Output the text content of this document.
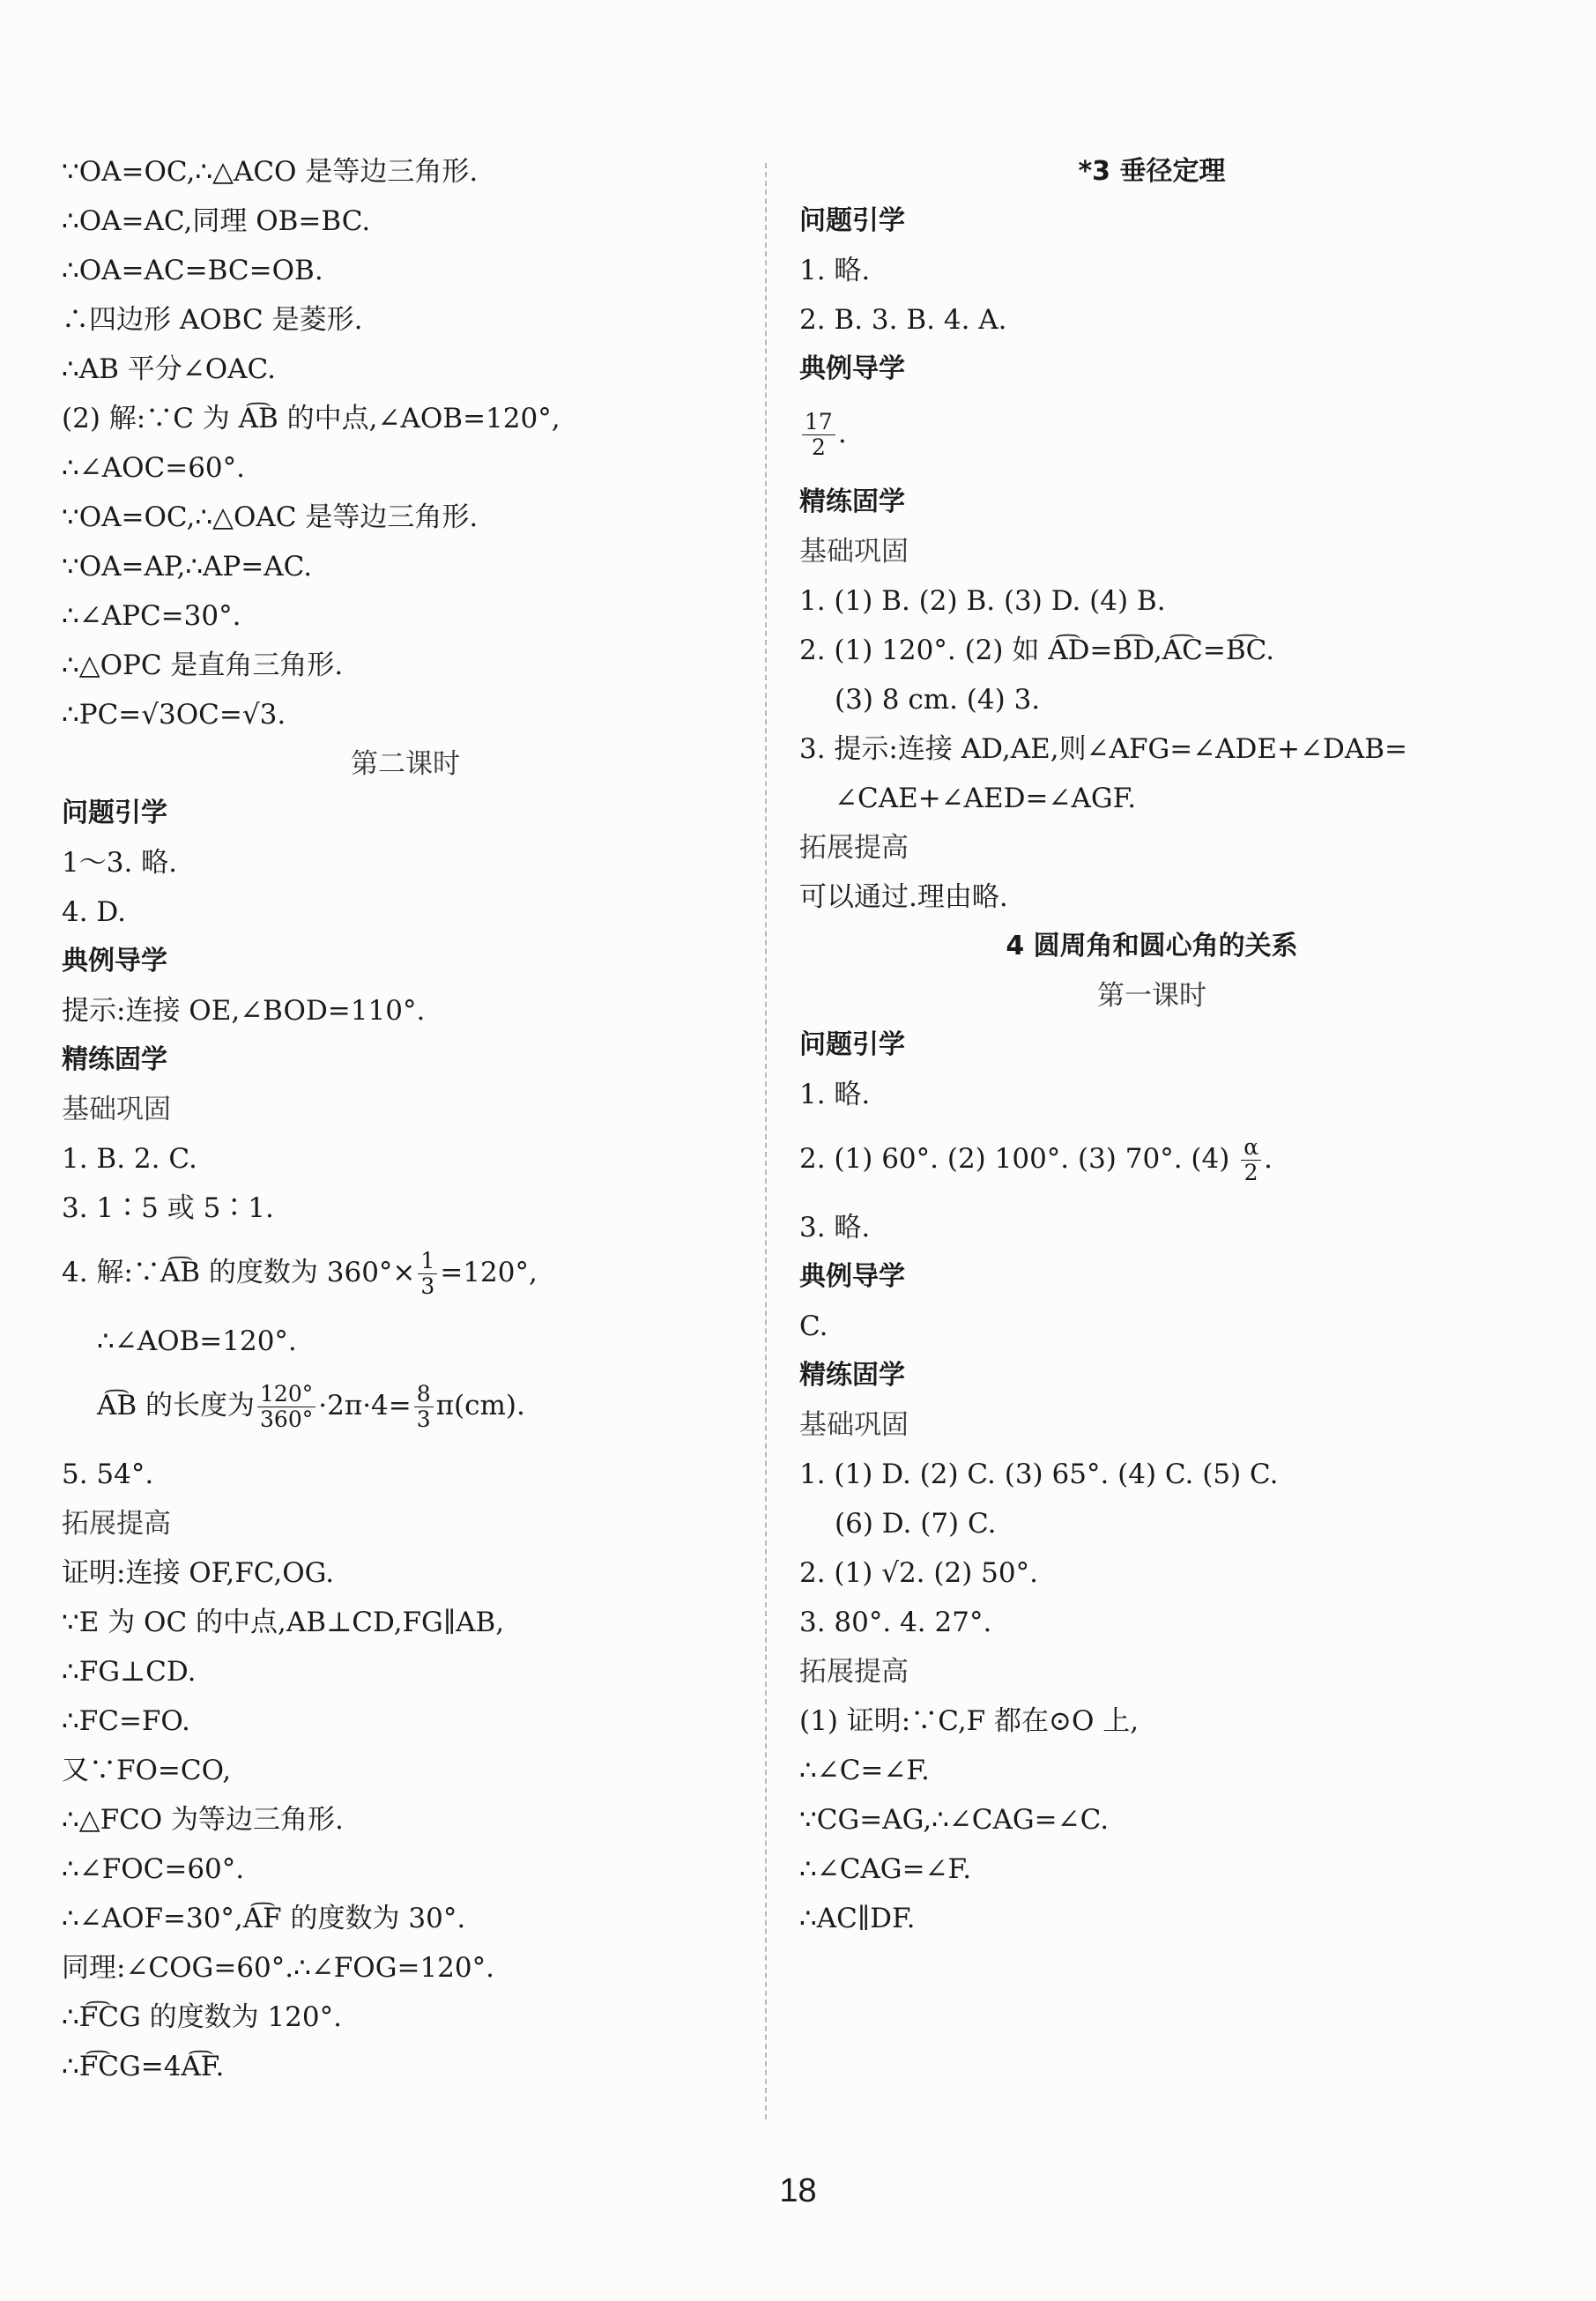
∵OA=OC,∴△ACO 是等边三角形.
∴OA=AC,同理 OB=BC.
∴OA=AC=BC=OB.
∴四边形 AOBC 是菱形.
∴AB 平分∠OAC.
(2) 解:∵C 为 A͡B 的中点,∠AOB=120°,
∴∠AOC=60°.
∵OA=OC,∴△OAC 是等边三角形.
∵OA=AP,∴AP=AC.
∴∠APC=30°.
∴△OPC 是直角三角形.
∴PC=√3OC=√3.
第二课时
问题引学
1～3. 略.
4. D.
典例导学
提示:连接 OE,∠BOD=110°.
精练固学
基础巩固
1. B. 2. C.
3. 1∶5 或 5∶1.
4. 解:∵A͡B 的度数为 $360^\circ\times \frac{1}{3} =120^\circ$,
∴∠AOB=120°.
A͡B 的长度为 $\frac{120^\circ}{360^\circ} \cdot 2\pi\cdot 4= \frac{8}{3} \pi(cm)$.
5. 54°.
拓展提高
证明:连接 OF,FC,OG.
∵E 为 OC 的中点,AB⊥CD,FG∥AB,
∴FG⊥CD.
∴FC=FO.
又∵FO=CO,
∴△FCO 为等边三角形.
∴∠FOC=60°.
∴∠AOF=30°,A͡F 的度数为 30°.
同理:∠COG=60°.∴∠FOG=120°.
∴F͡CG 的度数为 120°.
∴F͡CG=4A͡F.
*3 垂径定理
问题引学
1. 略.
2. B. 3. B. 4. A.
典例导学
$\frac{17}{2}$ .
精练固学
基础巩固
1. (1) B. (2) B. (3) D. (4) B.
2. (1) 120°. (2) 如 A͡D=B͡D,A͡C=B͡C.
(3) 8 cm. (4) 3.
3. 提示:连接 AD,AE,则∠AFG=∠ADE+∠DAB=
∠CAE+∠AED=∠AGF.
拓展提高
可以通过.理由略.
4 圆周角和圆心角的关系
第一课时
问题引学
1. 略.
2. (1) 60°. (2) 100°. (3) 70°. $(4) \frac{\alpha}{2}$ .
3. 略.
典例导学
C.
精练固学
基础巩固
1. (1) D. (2) C. (3) 65°. (4) C. (5) C.
(6) D. (7) C.
2. (1) √2. (2) 50°.
3. 80°. 4. 27°.
拓展提高
(1) 证明:∵C,F 都在⊙O 上,
∴∠C=∠F.
∵CG=AG,∴∠CAG=∠C.
∴∠CAG=∠F.
∴AC∥DF.
18
